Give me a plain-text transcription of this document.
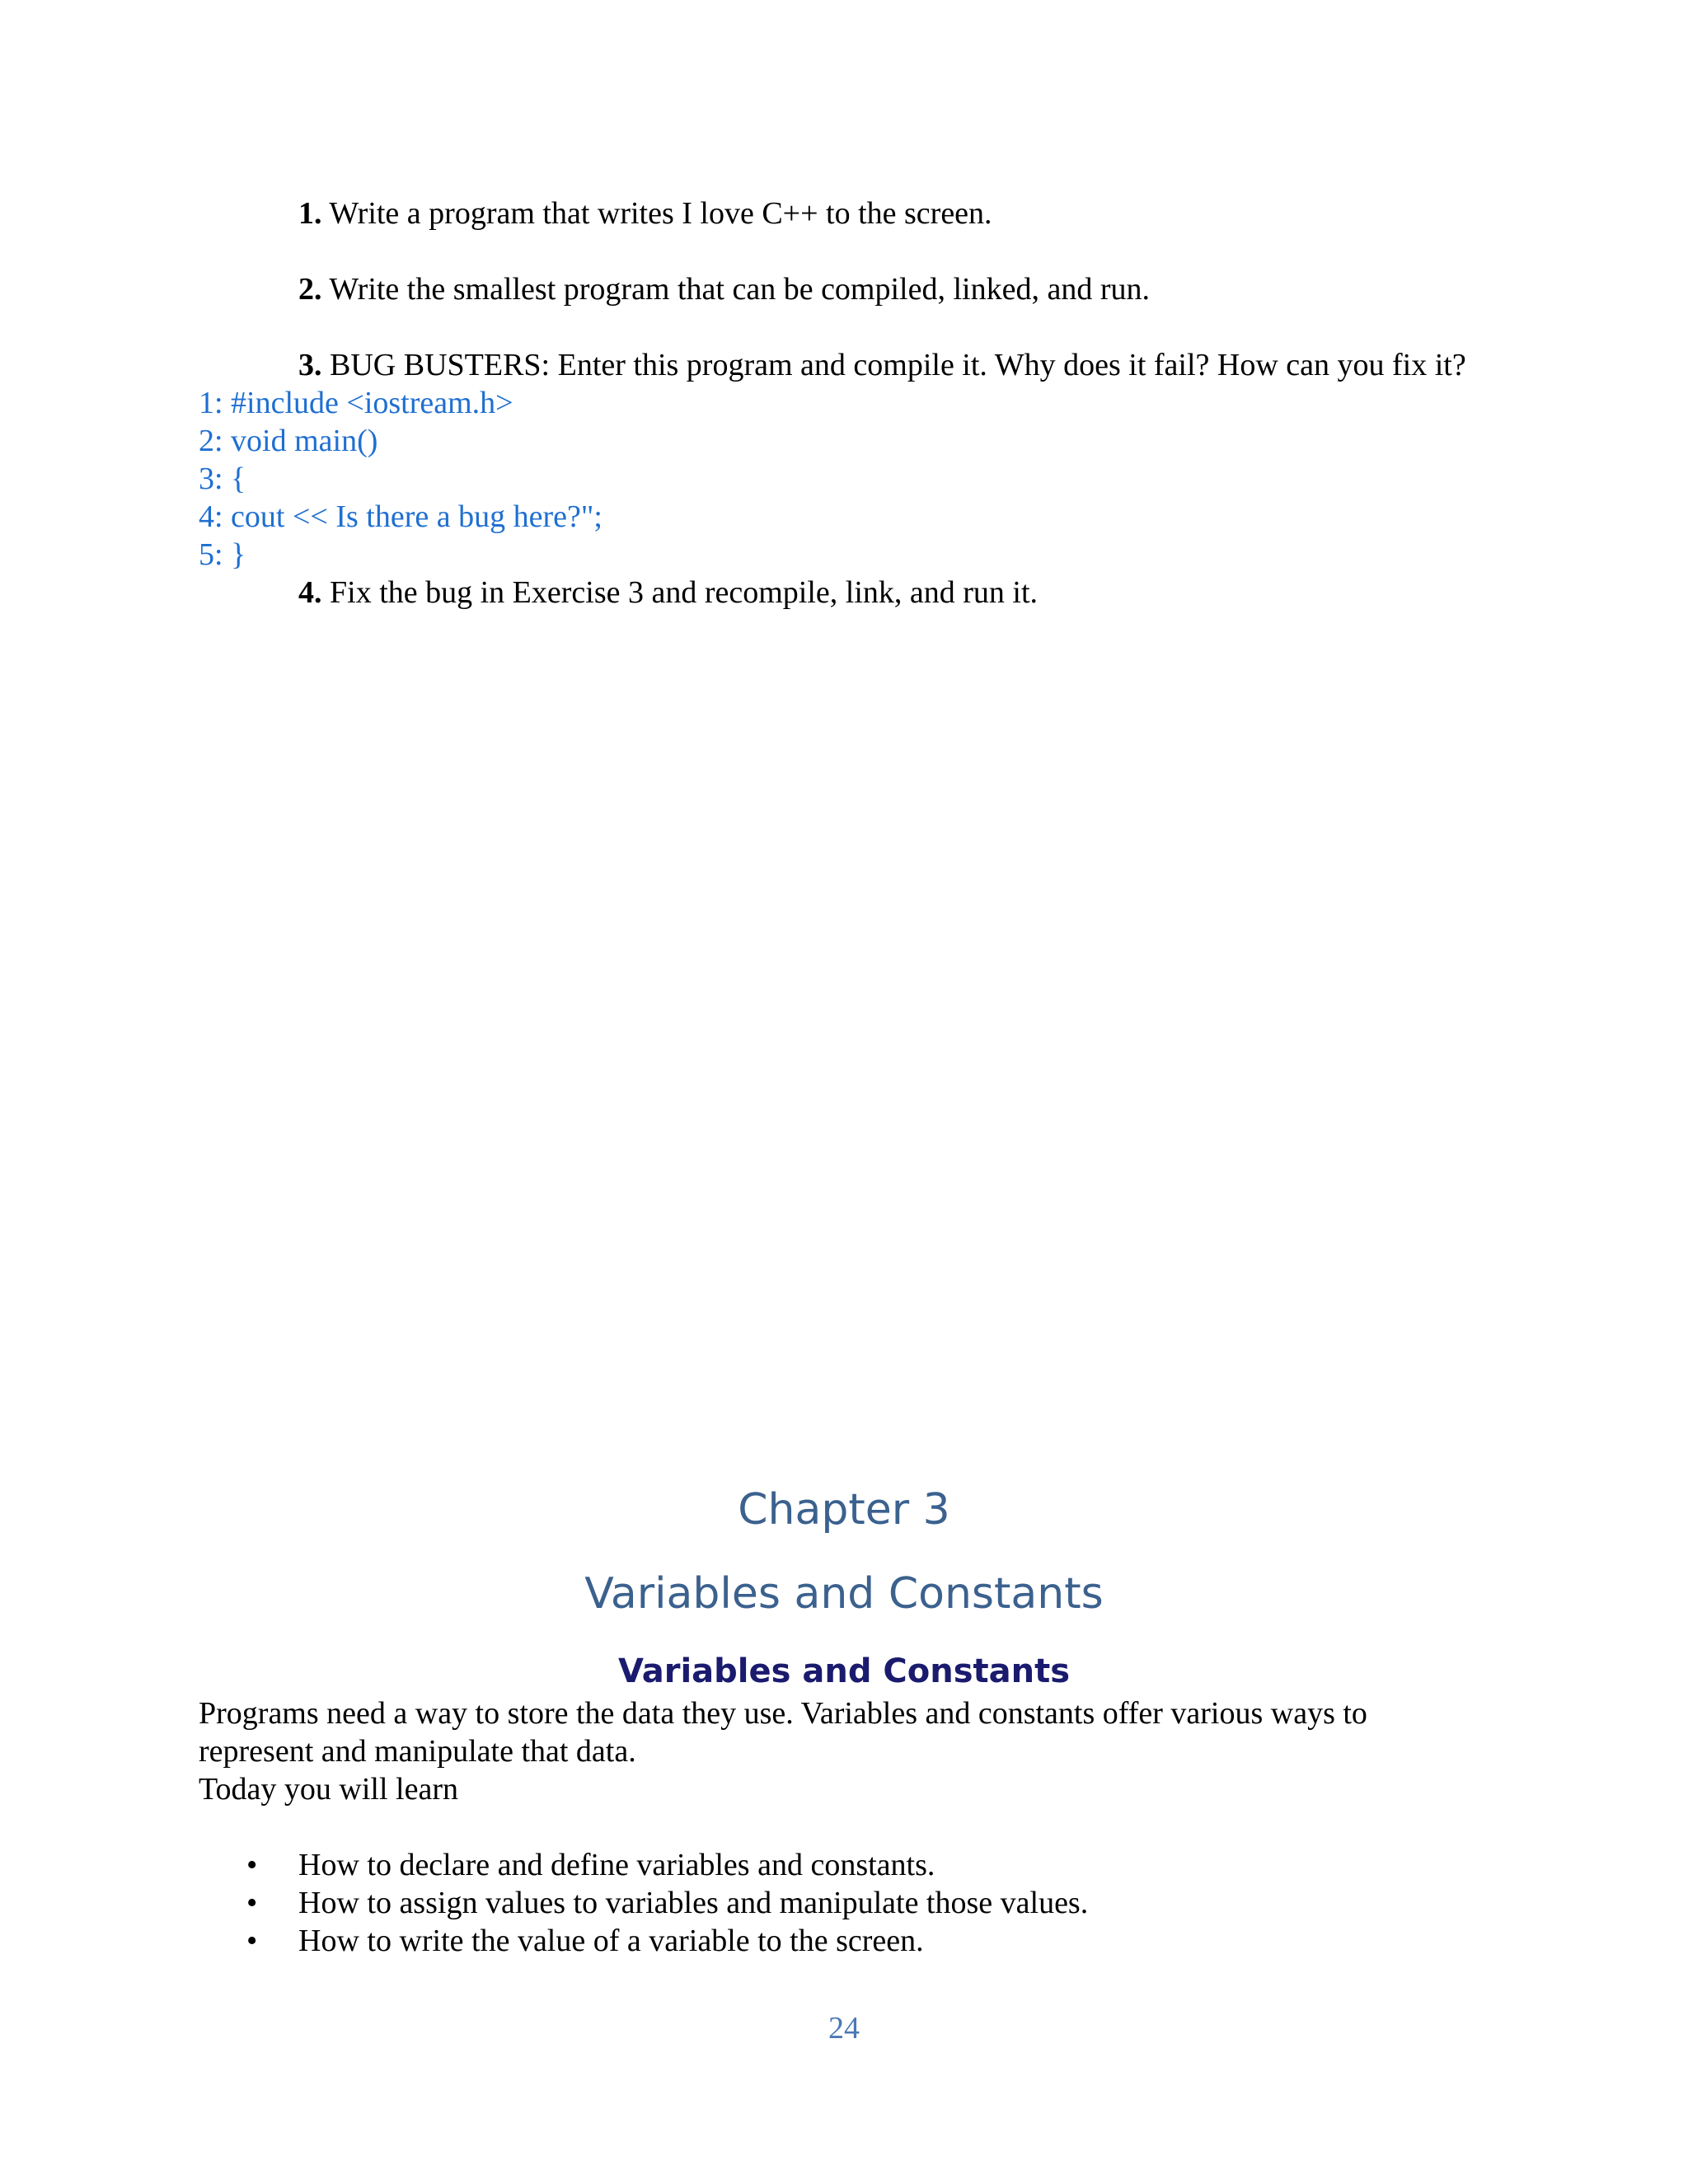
1. Write a program that writes I love C++ to the screen.
2. Write the smallest program that can be compiled, linked, and run.
3. BUG BUSTERS: Enter this program and compile it. Why does it fail? How can you fix it?
1: #include <iostream.h>
2: void main()
3: {
4: cout << Is there a bug here?";
5: }
4. Fix the bug in Exercise 3 and recompile, link, and run it.
Chapter 3
Variables and Constants
Variables and Constants

Programs need a way to store the data they use. Variables and constants offer various ways to represent and manipulate that data.

Today you will learn

• How to declare and define variables and constants.
• How to assign values to variables and manipulate those values.
• How to write the value of a variable to the screen.
24
